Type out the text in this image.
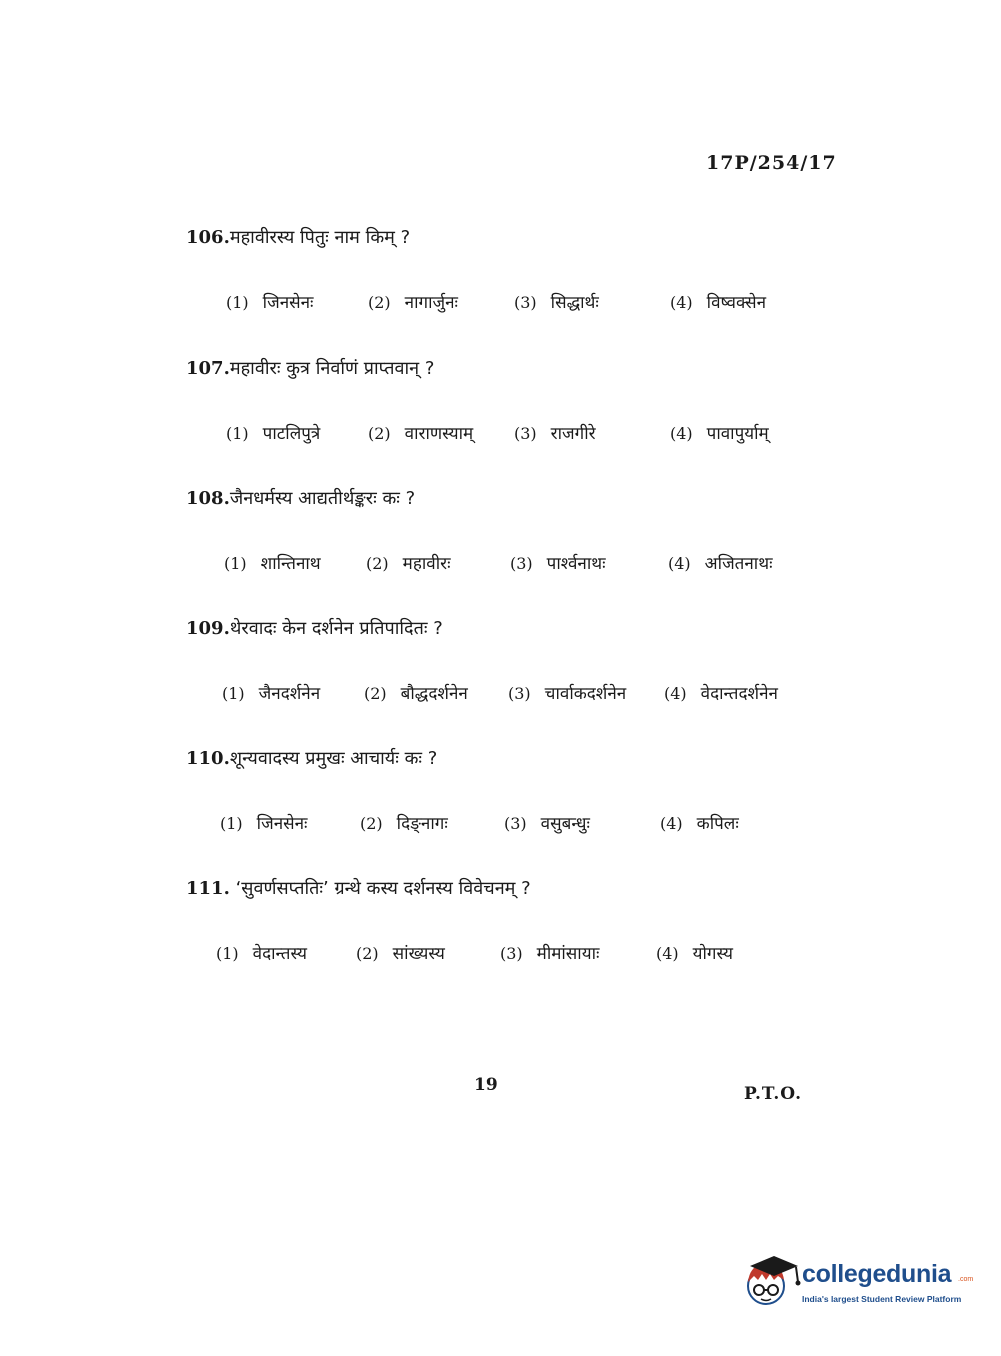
17P/254/17
106.महावीरस्य पितुः नाम किम् ?
(1) जिनसेनः	(2) नागार्जुनः	(3) सिद्धार्थः	(4) विष्वक्सेन
107.महावीरः कुत्र निर्वाणं प्राप्तवान् ?
(1) पाटलिपुत्रे	(2) वाराणस्याम्	(3) राजगीरे	(4) पावापुर्याम्
108.जैनधर्मस्य आद्यतीर्थङ्करः कः ?
(1) शान्तिनाथ	(2) महावीरः	(3) पार्श्वनाथः	(4) अजितनाथः
109.थेरवादः केन दर्शनेन प्रतिपादितः ?
(1) जैनदर्शनेन	(2) बौद्धदर्शनेन	(3) चार्वाकदर्शनेन (4) वेदान्तदर्शनेन
110.शून्यवादस्य प्रमुखः आचार्यः कः ?
(1) जिनसेनः	(2) दिङ्नागः	(3) वसुबन्धुः	(4) कपिलः
111. ‘सुवर्णसप्ततिः’ ग्रन्थे कस्य दर्शनस्य विवेचनम् ?
(1) वेदान्तस्य	(2) सांख्यस्य	(3) मीमांसायाः	(4) योगस्य
19	P.T.O.
collegedunia .com
India's largest Student Review Platform
